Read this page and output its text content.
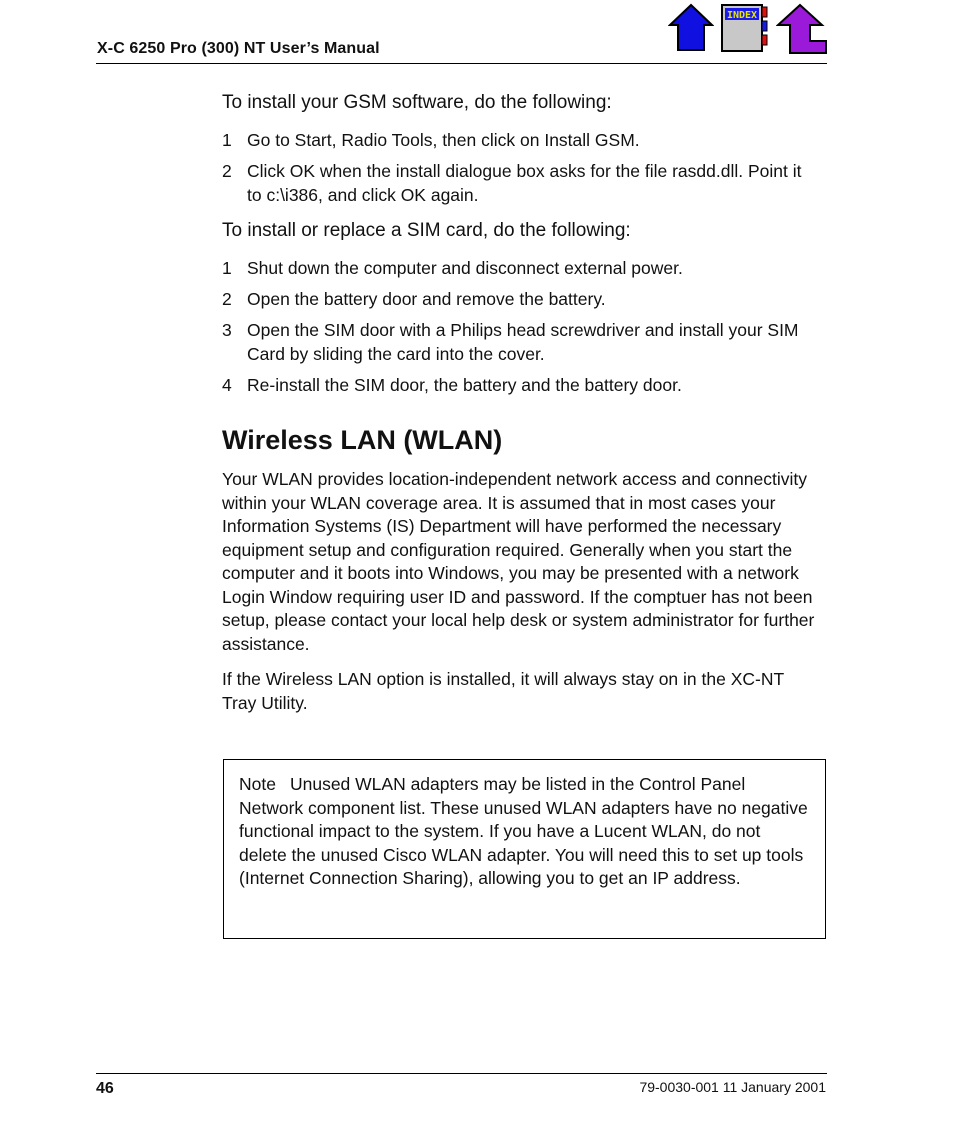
X-C 6250 Pro (300) NT User’s Manual
INDEX

To install your GSM software, do the following:

1 Go to Start, Radio Tools, then click on Install GSM.
2 Click OK when the install dialogue box asks for the file rasdd.dll. Point it to c:\i386, and click OK again.

To install or replace a SIM card, do the following:

1 Shut down the computer and disconnect external power.
2 Open the battery door and remove the battery.
3 Open the SIM door with a Philips head screwdriver and install your SIM Card by sliding the card into the cover.
4 Re-install the SIM door, the battery and the battery door.
Wireless LAN (WLAN)

Your WLAN provides location-independent network access and connectivity within your WLAN coverage area. It is assumed that in most cases your Information Systems (IS) Department will have performed the necessary equipment setup and configuration required. Generally when you start the computer and it boots into Windows, you may be presented with a network Login Window requiring user ID and password. If the comptuer has not been setup, please contact your local help desk or system administrator for further assistance.

If the Wireless LAN option is installed, it will always stay on in the XC-NT Tray Utility.

Note Unused WLAN adapters may be listed in the Control Panel Network component list. These unused WLAN adapters have no negative functional impact to the system. If you have a Lucent WLAN, do not delete the unused Cisco WLAN adapter. You will need this to set up tools (Internet Connection Sharing), allowing you to get an IP address.
46	79-0030-001 11 January 2001
